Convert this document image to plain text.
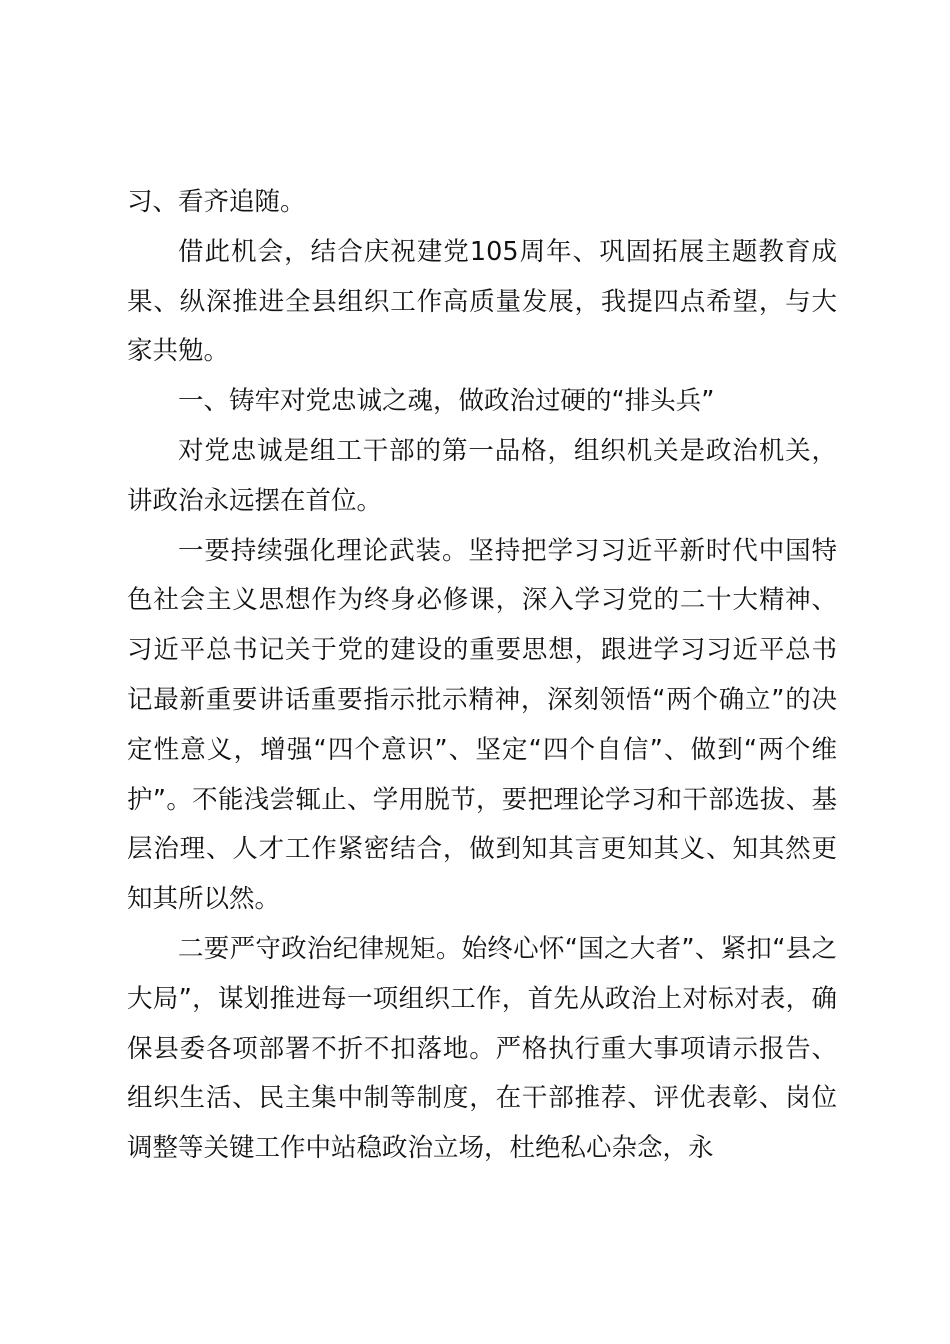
习、看齐追随。

借此机会，结合庆祝建党105周年、巩固拓展主题教育成果、纵深推进全县组织工作高质量发展，我提四点希望，与大家共勉。

一、铸牢对党忠诚之魂，做政治过硬的“排头兵”

对党忠诚是组工干部的第一品格，组织机关是政治机关，讲政治永远摆在首位。

一要持续强化理论武装。坚持把学习习近平新时代中国特色社会主义思想作为终身必修课，深入学习党的二十大精神、习近平总书记关于党的建设的重要思想，跟进学习习近平总书记最新重要讲话重要指示批示精神，深刻领悟“两个确立”的决定性意义，增强“四个意识”、坚定“四个自信”、做到“两个维护”。不能浅尝辄止、学用脱节，要把理论学习和干部选拔、基层治理、人才工作紧密结合，做到知其言更知其义、知其然更知其所以然。

二要严守政治纪律规矩。始终心怀“国之大者”、紧扣“县之大局”，谋划推进每一项组织工作，首先从政治上对标对表，确保县委各项部署不折不扣落地。严格执行重大事项请示报告、组织生活、民主集中制等制度，在干部推荐、评优表彰、岗位调整等关键工作中站稳政治立场，杜绝私心杂念，永
